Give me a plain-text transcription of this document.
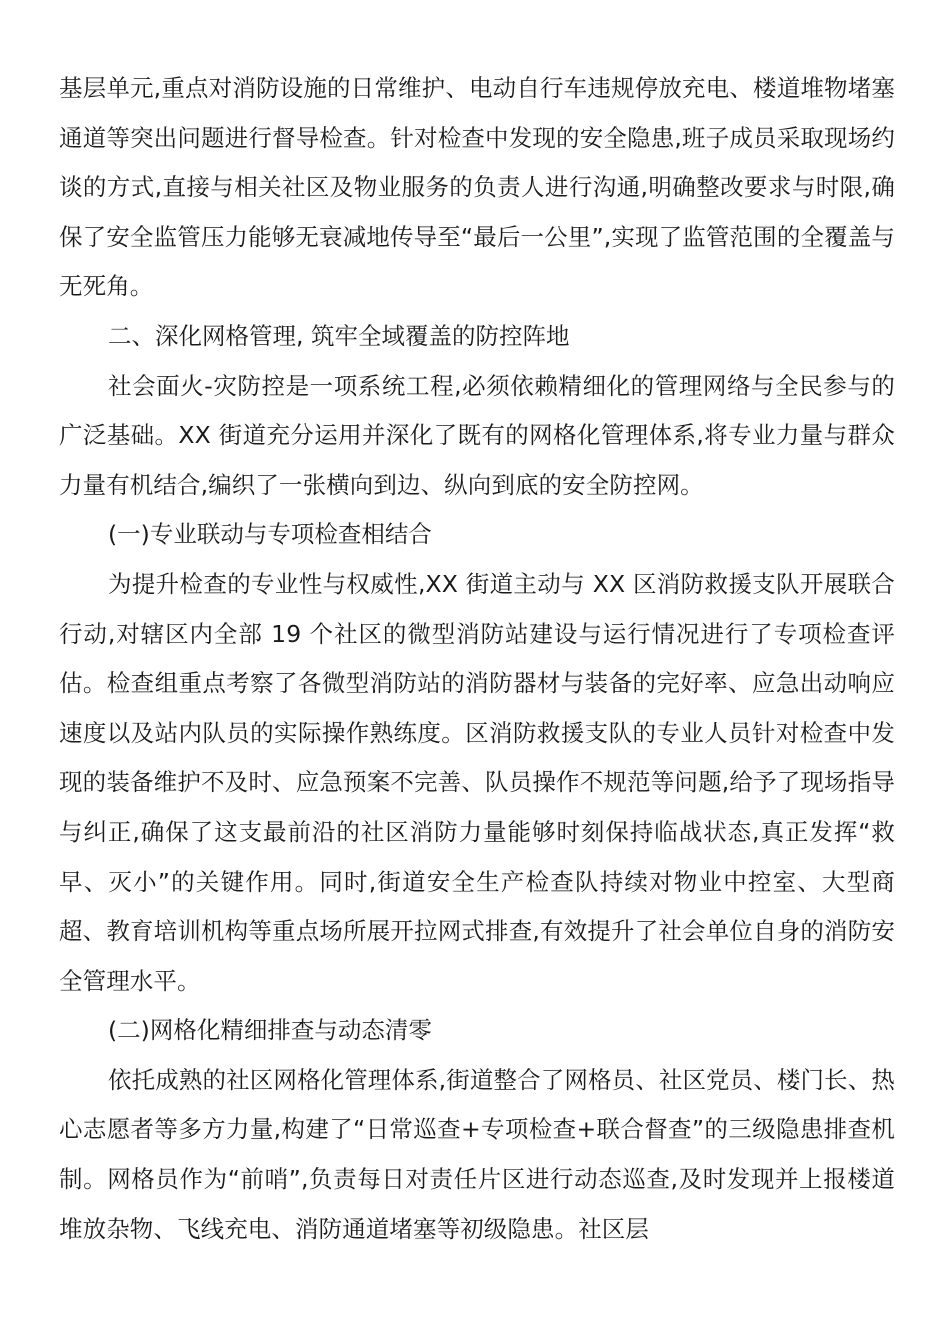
基层单元,重点对消防设施的日常维护、电动自行车违规停放充电、楼道堆物堵塞通道等突出问题进行督导检查。针对检查中发现的安全隐患,班子成员采取现场约谈的方式,直接与相关社区及物业服务的负责人进行沟通,明确整改要求与时限,确保了安全监管压力能够无衰减地传导至“最后一公里”,实现了监管范围的全覆盖与无死角。

二、深化网格管理, 筑牢全域覆盖的防控阵地

社会面火-灾防控是一项系统工程,必须依赖精细化的管理网络与全民参与的广泛基础。XX 街道充分运用并深化了既有的网格化管理体系,将专业力量与群众力量有机结合,编织了一张横向到边、纵向到底的安全防控网。

(一)专业联动与专项检查相结合

为提升检查的专业性与权威性,XX 街道主动与 XX 区消防救援支队开展联合行动,对辖区内全部 19 个社区的微型消防站建设与运行情况进行了专项检查评估。检查组重点考察了各微型消防站的消防器材与装备的完好率、应急出动响应速度以及站内队员的实际操作熟练度。区消防救援支队的专业人员针对检查中发现的装备维护不及时、应急预案不完善、队员操作不规范等问题,给予了现场指导与纠正,确保了这支最前沿的社区消防力量能够时刻保持临战状态,真正发挥“救早、灭小”的关键作用。同时,街道安全生产检查队持续对物业中控室、大型商超、教育培训机构等重点场所展开拉网式排查,有效提升了社会单位自身的消防安全管理水平。

(二)网格化精细排查与动态清零

依托成熟的社区网格化管理体系,街道整合了网格员、社区党员、楼门长、热心志愿者等多方力量,构建了“日常巡查+专项检查+联合督查”的三级隐患排查机制。网格员作为“前哨”,负责每日对责任片区进行动态巡查,及时发现并上报楼道堆放杂物、飞线充电、消防通道堵塞等初级隐患。社区层
